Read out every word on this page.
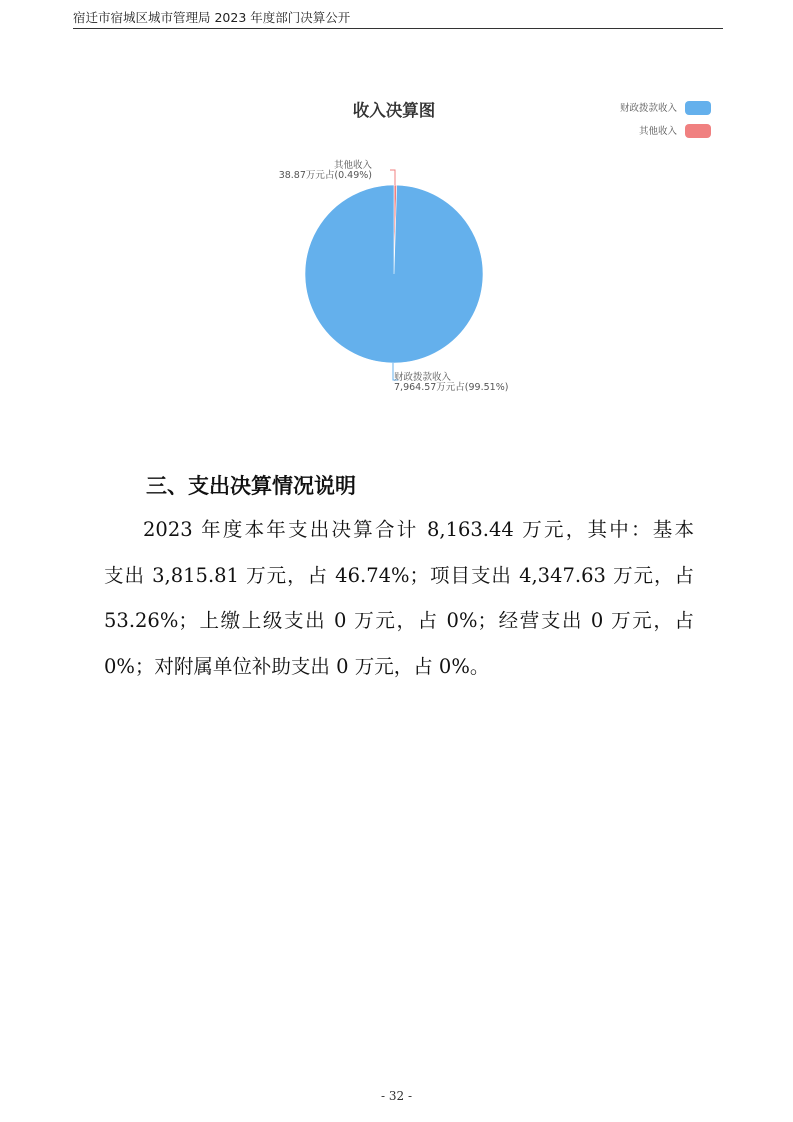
宿迁市宿城区城市管理局 2023 年度部门决算公开
收入决算图
财政拨款收入
7,964.57万元占(99.51%)
其他收入
38.87万元占(0.49%)
财政拨款收入
其他收入
三、支出决算情况说明
2023 年度本年支出决算合计 8,163.44 万元，其中：基本
支出 3,815.81 万元，占 46.74%；项目支出 4,347.63 万元，占
53.26%；上缴上级支出 0 万元，占 0%；经营支出 0 万元，占
0%；对附属单位补助支出 0 万元，占 0%。
- 32 -
